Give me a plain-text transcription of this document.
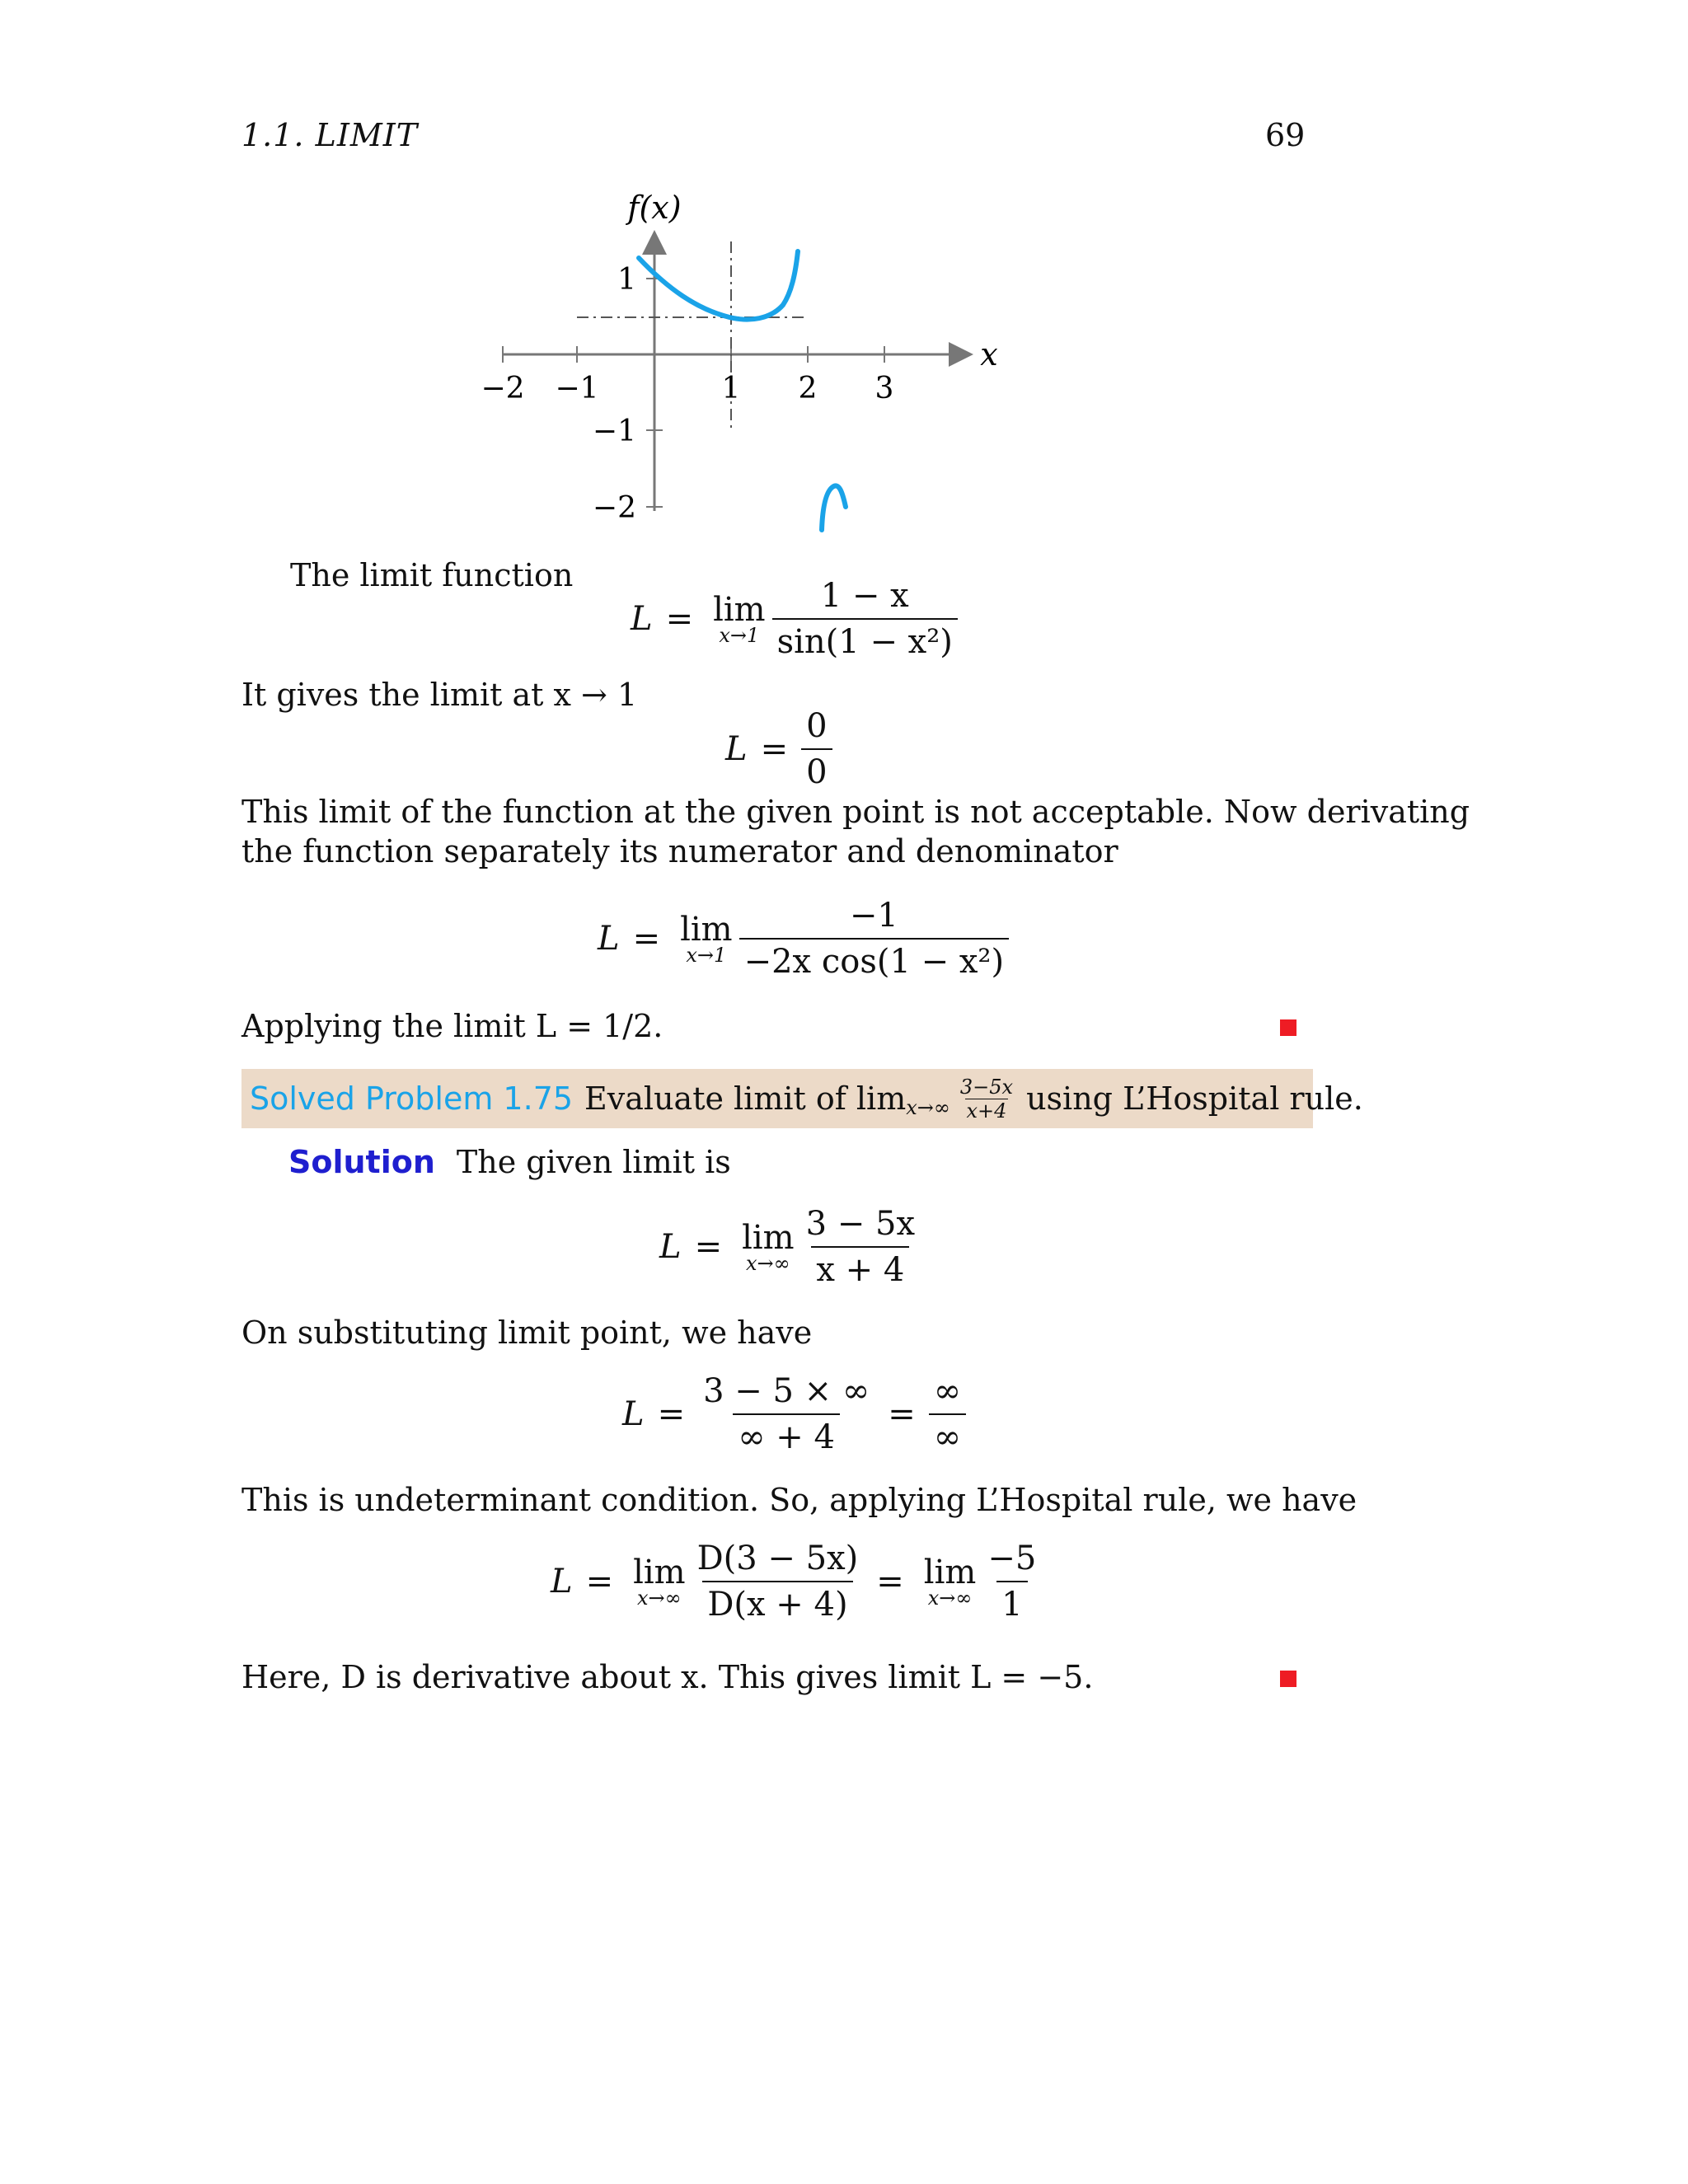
1.1. LIMIT	69
f(x)
x
−2 −1	1 2 3
1
−1
−2
The limit function
L = lim
$x\to 1 \frac{1 - x}{\text{sin(1 − x²)}}$
It gives the limit at x → 1
$L = \frac{0}{0}$
This limit of the function at the given point is not acceptable. Now derivating
the function separately its numerator and denominator
L = lim
$x\to 1 \frac{-1}{\text{−2x cos(1 − x²)}}$
Applying the limit L = 1/2.
Solved Problem 1.75 Evaluate limit of $\lim x\to\infty \frac{3-5x}{x+4}$ using L’Hospital rule.
Solution The given limit is
L = lim
$x\to\infty \frac{3 - 5x}{x + 4}$
On substituting limit point, we have
$L = \frac{3 - 5 \times \infty}{\infty + 4} = \frac{\infty}{\infty}$
This is undeterminant condition. So, applying L’Hospital rule, we have
L = lim
$x\to\infty \frac{D(3 - 5x)}{D(x + 4)} = \lim$
$x\to\infty \frac{-5}{1}$
Here, D is derivative about x. This gives limit L = −5.
